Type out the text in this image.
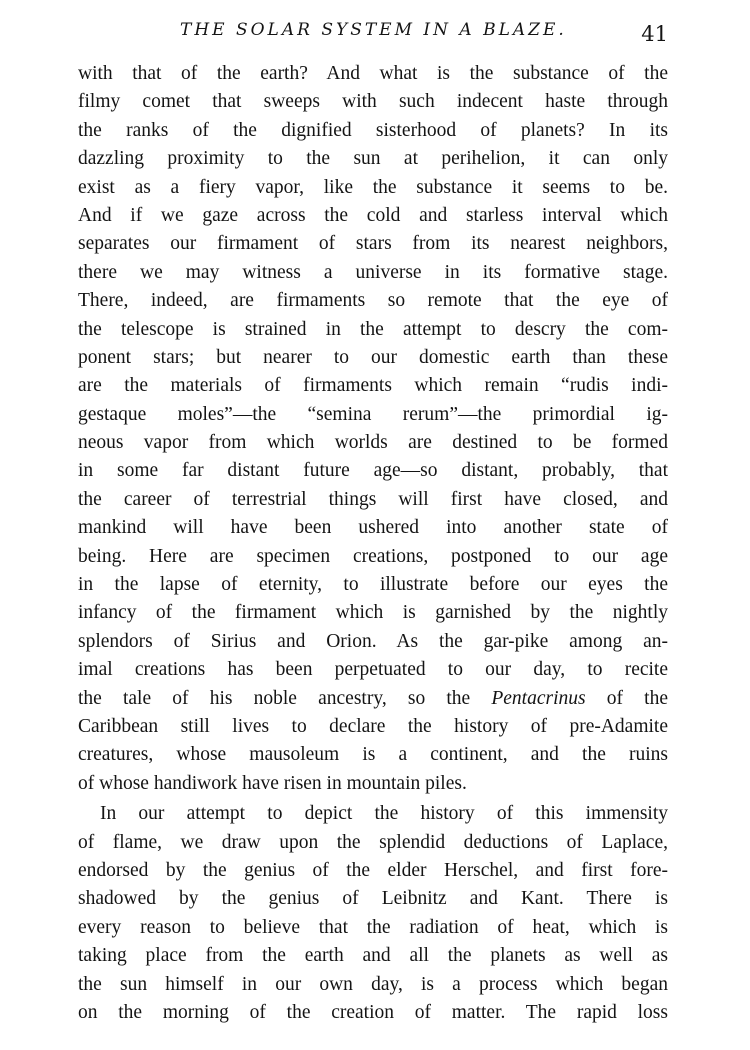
THE SOLAR SYSTEM IN A BLAZE.	41
with that of the earth? And what is the substance of the
filmy comet that sweeps with such indecent haste through
the ranks of the dignified sisterhood of planets? In its
dazzling proximity to the sun at perihelion, it can only
exist as a fiery vapor, like the substance it seems to be.
And if we gaze across the cold and starless interval which
separates our firmament of stars from its nearest neighbors,
there we may witness a universe in its formative stage.
There, indeed, are firmaments so remote that the eye of
the telescope is strained in the attempt to descry the com-
ponent stars; but nearer to our domestic earth than these
are the materials of firmaments which remain “rudis indi-
gestaque moles”—the “semina rerum”—the primordial ig-
neous vapor from which worlds are destined to be formed
in some far distant future age—so distant, probably, that
the career of terrestrial things will first have closed, and
mankind will have been ushered into another state of
being. Here are specimen creations, postponed to our age
in the lapse of eternity, to illustrate before our eyes the
infancy of the firmament which is garnished by the nightly
splendors of Sirius and Orion. As the gar-pike among an-
imal creations has been perpetuated to our day, to recite
the tale of his noble ancestry, so the Pentacrinus of the
Caribbean still lives to declare the history of pre-Adamite
creatures, whose mausoleum is a continent, and the ruins
of whose handiwork have risen in mountain piles.
In our attempt to depict the history of this immensity
of flame, we draw upon the splendid deductions of Laplace,
endorsed by the genius of the elder Herschel, and first fore-
shadowed by the genius of Leibnitz and Kant. There is
every reason to believe that the radiation of heat, which is
taking place from the earth and all the planets as well as
the sun himself in our own day, is a process which began
on the morning of the creation of matter. The rapid loss
